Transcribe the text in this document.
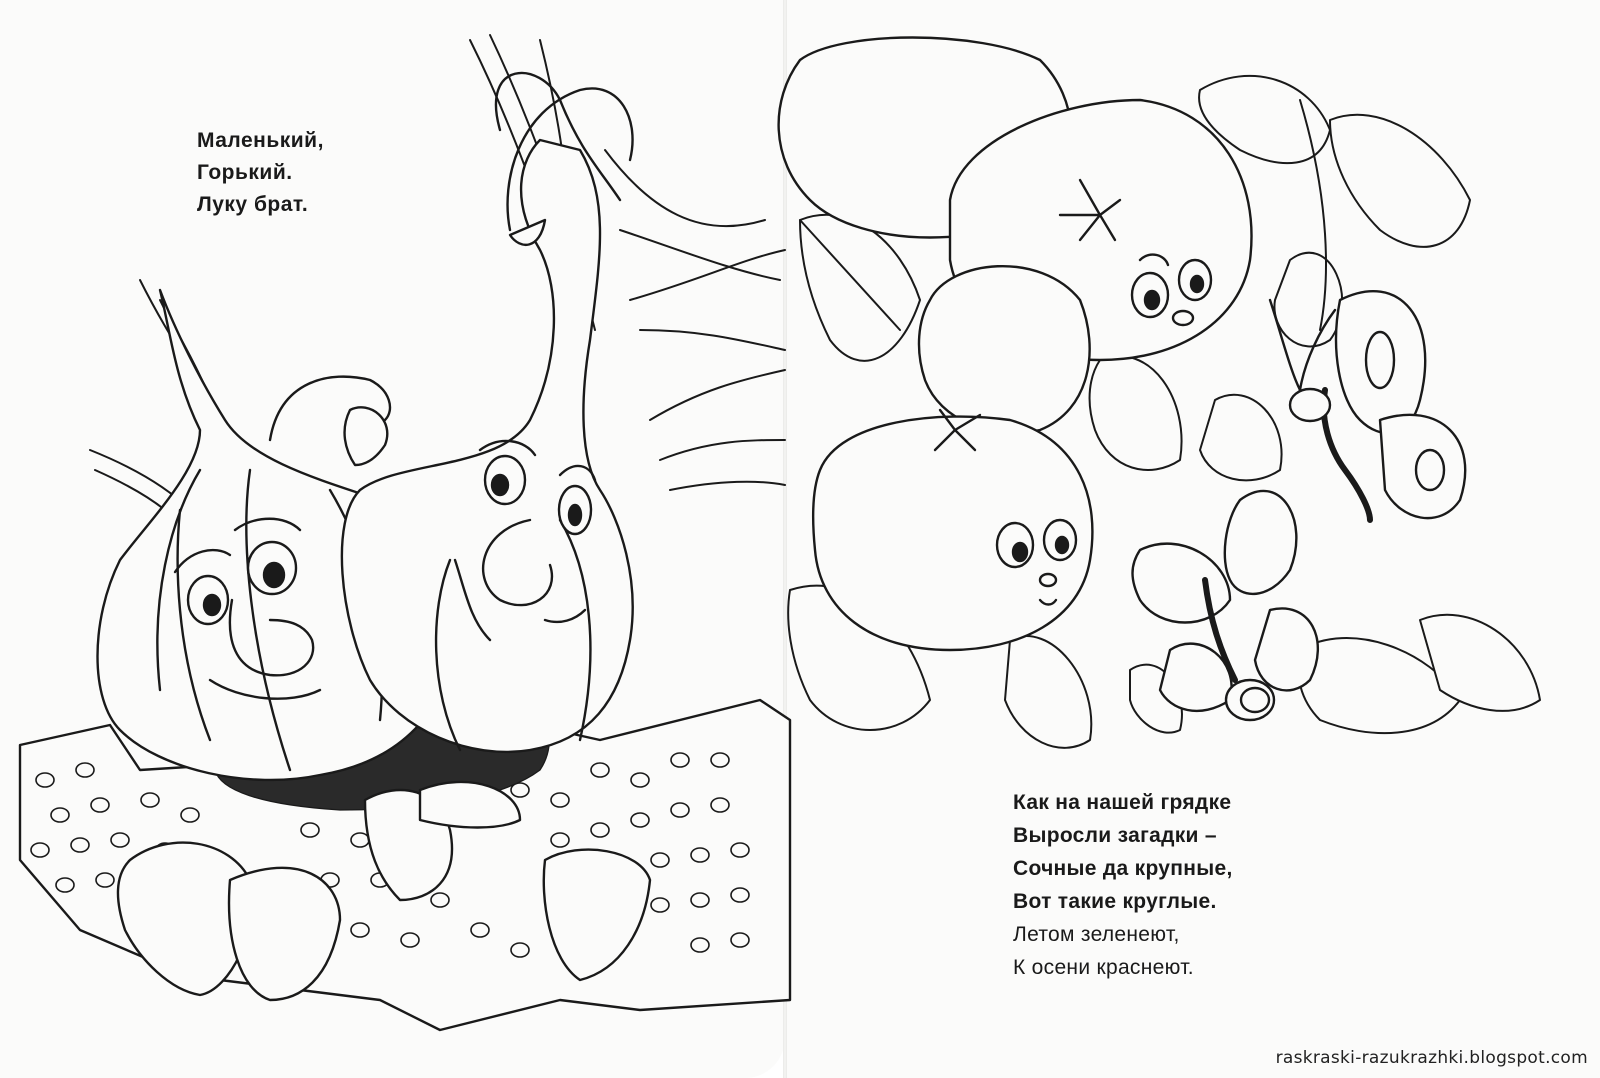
Маленький,
Горький.
Луку брат.

Как на нашей грядке
Выросли загадки –
Сочные да крупные,
Вот такие круглые.
Летом зеленеют,
К осени краснеют.

raskraski-razukrazhki.blogspot.com
